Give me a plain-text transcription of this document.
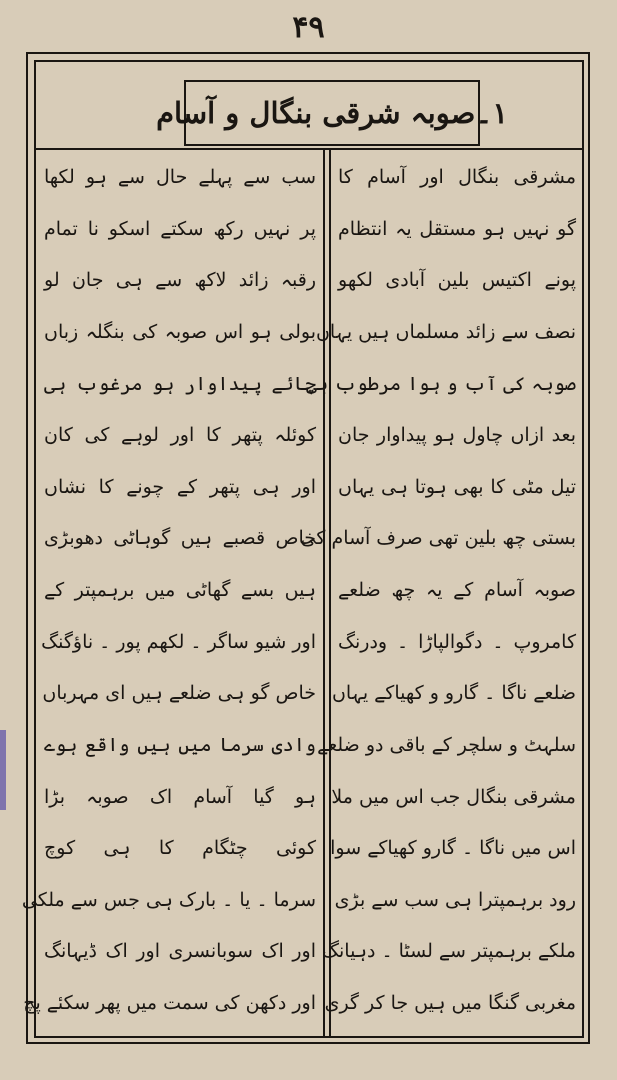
۴۹
۱۔صوبہ شرقی بنگال و آسام
مشرقی بنگال اور آسام کا
گو نہیں ہو مستقل یہ انتظام
پونے اکتیس بلین آبادی لکھو
نصف سے زائد مسلماں ہیں یہاں
صوبہ کی آب و ہوا مرطوب ہی
بعد ازاں چاول ہو پیداوار جان
تیل مٹی کا بھی ہوتا ہی یہاں
بستی چھ بلین تھی صرف آسام کی
صوبہ آسام کے یہ چھ ضلعے
کامروپ ۔ دگوالپاڑا ۔ ودرنگ
ضلعے ناگا ۔ گارو و کھیاکے یہاں
سلہٹ و سلچر کے باقی دو ضلعے
مشرقی بنگال جب اس میں ملا
اس میں ناگا ۔ گارو کھیاکے سوا
رود برہمپترا ہی سب سے بڑی
ملکے برہمپتر سے لسٹا ۔ دہیانگ
مغربی گنگا میں ہیں جا کر گری
سب سے پہلے حال سے ہو لکھا
پر نہیں رکھ سکتے اسکو نا تمام
رقبہ زائد لاکھ سے ہی جان لو
بولی ہو اس صوبہ کی بنگلہ زباں
چائے پیداوار ہو مرغوب ہی
کوئلہ پتھر کا اور لوہے کی کان
اور ہی پتھر کے چونے کا نشاں
خاص قصبے ہیں گوہاٹی دھوبڑی
ہیں بسے گھاٹی میں برہمپتر کے
اور شیو ساگر ۔ لکھم پور ۔ ناؤگنگ
خاص گو ہی ضلعے ہیں ای مہرباں
وادی سرما میں ہیں واقع ہوے
ہو گیا آسام اک صوبہ بڑا
کوئی چٹگام کا ہی کوچ
سرما ۔ یا ۔ بارک ہی جس سے ملکی
اور اک سوبانسری اور اک ڈیہانگ
اور دکھن کی سمت میں پھر سکئے پچ
